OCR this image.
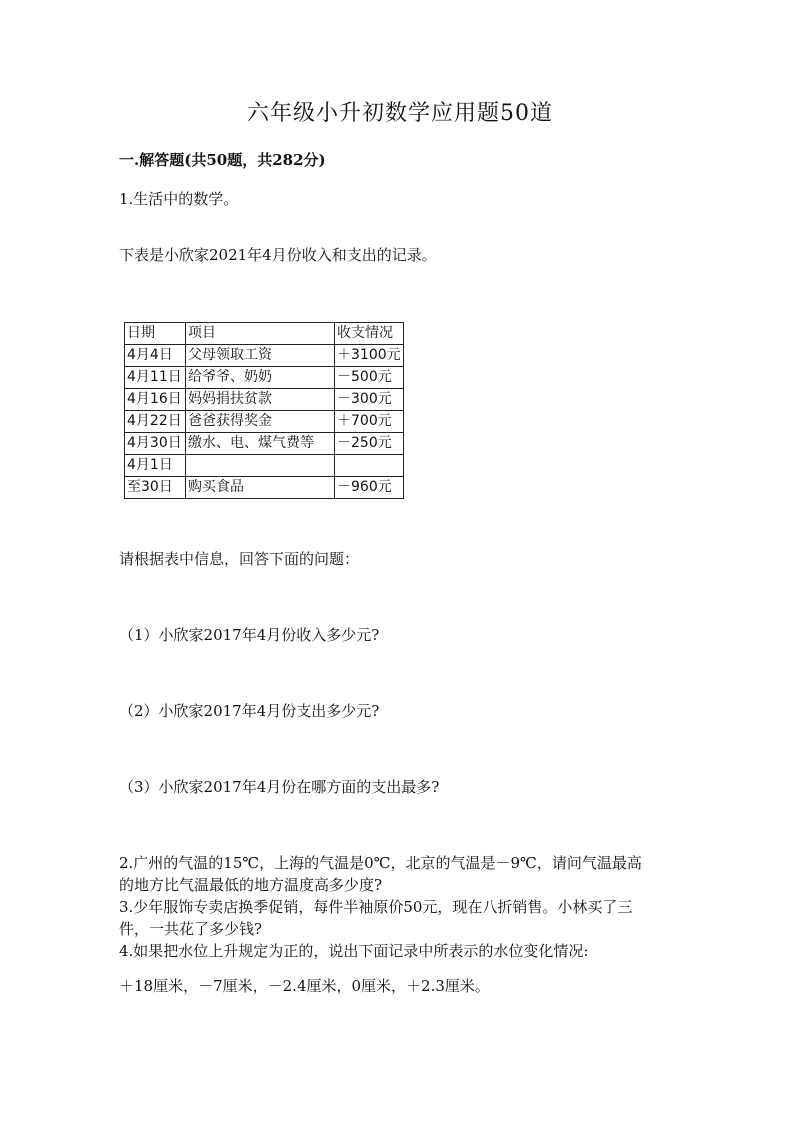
六年级小升初数学应用题50道
一.解答题(共50题，共282分)
1.生活中的数学。
下表是小欣家2021年4月份收入和支出的记录。
日期	项目	收支情况
4月4日	父母领取工资	＋3100元
4月11日	给爷爷、奶奶	－500元
4月16日	妈妈捐扶贫款	－300元
4月22日	爸爸获得奖金	＋700元
4月30日	缴水、电、煤气费等	－250元
4月1日		
至30日	购买食品	－960元
请根据表中信息，回答下面的问题：
（1）小欣家2017年4月份收入多少元?
（2）小欣家2017年4月份支出多少元?
（3）小欣家2017年4月份在哪方面的支出最多?
2.广州的气温的15℃，上海的气温是0℃，北京的气温是－9℃，请问气温最高
的地方比气温最低的地方温度高多少度?
3.少年服饰专卖店换季促销，每件半袖原价50元，现在八折销售。小林买了三
件，一共花了多少钱?
4.如果把水位上升规定为正的，说出下面记录中所表示的水位变化情况:
＋18厘米，－7厘米，－2.4厘米，0厘米，＋2.3厘米。
